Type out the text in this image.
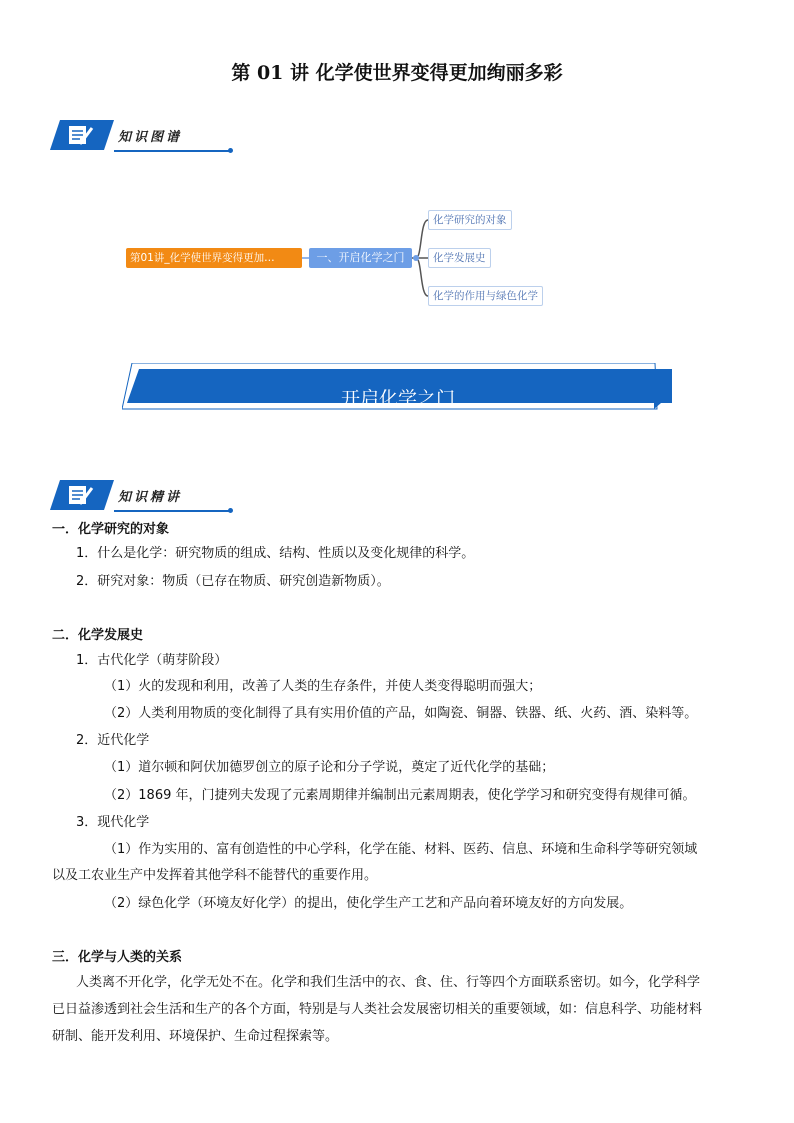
第 01 讲 化学使世界变得更加绚丽多彩
知识图谱
第01讲_化学使世界变得更加…	一、开启化学之门
化学研究的对象
化学发展史
化学的作用与绿色化学
开启化学之门
知识精讲
一．化学研究的对象
1．什么是化学：研究物质的组成、结构、性质以及变化规律的科学。
2．研究对象：物质（已存在物质、研究创造新物质）。
二．化学发展史
1．古代化学（萌芽阶段）
（1）火的发现和利用，改善了人类的生存条件，并使人类变得聪明而强大；
（2）人类利用物质的变化制得了具有实用价值的产品，如陶瓷、铜器、铁器、纸、火药、酒、染料等。
2．近代化学
（1）道尔顿和阿伏加德罗创立的原子论和分子学说，奠定了近代化学的基础；
（2）1869 年，门捷列夫发现了元素周期律并编制出元素周期表，使化学学习和研究变得有规律可循。
3．现代化学
（1）作为实用的、富有创造性的中心学科，化学在能、材料、医药、信息、环境和生命科学等研究领域
以及工农业生产中发挥着其他学科不能替代的重要作用。
（2）绿色化学（环境友好化学）的提出，使化学生产工艺和产品向着环境友好的方向发展。
三．化学与人类的关系
人类离不开化学，化学无处不在。化学和我们生活中的衣、食、住、行等四个方面联系密切。如今，化学科学
已日益渗透到社会生活和生产的各个方面，特别是与人类社会发展密切相关的重要领域，如：信息科学、功能材料
研制、能开发利用、环境保护、生命过程探索等。
